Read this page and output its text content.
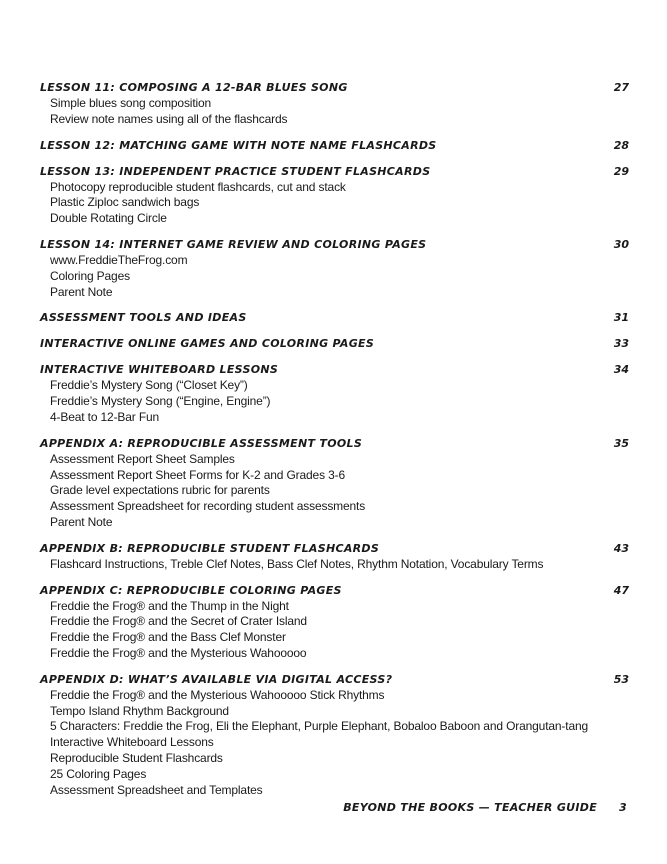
LESSON 11: COMPOSING A 12-BAR BLUES SONG	27
Simple blues song composition
Review note names using all of the flashcards
LESSON 12: MATCHING GAME WITH NOTE NAME FLASHCARDS	28
LESSON 13: INDEPENDENT PRACTICE STUDENT FLASHCARDS	29
Photocopy reproducible student flashcards, cut and stack
Plastic Ziploc sandwich bags
Double Rotating Circle
LESSON 14: INTERNET GAME REVIEW AND COLORING PAGES	30
www.FreddieTheFrog.com
Coloring Pages
Parent Note
ASSESSMENT TOOLS AND IDEAS	31
INTERACTIVE ONLINE GAMES AND COLORING PAGES	33
INTERACTIVE WHITEBOARD LESSONS	34
Freddie’s Mystery Song (“Closet Key”)
Freddie’s Mystery Song (“Engine, Engine”)
4-Beat to 12-Bar Fun
APPENDIX A: REPRODUCIBLE ASSESSMENT TOOLS	35
Assessment Report Sheet Samples
Assessment Report Sheet Forms for K-2 and Grades 3-6
Grade level expectations rubric for parents
Assessment Spreadsheet for recording student assessments
Parent Note
APPENDIX B: REPRODUCIBLE STUDENT FLASHCARDS	43
Flashcard Instructions, Treble Clef Notes, Bass Clef Notes, Rhythm Notation, Vocabulary Terms
APPENDIX C: REPRODUCIBLE COLORING PAGES	47
Freddie the Frog® and the Thump in the Night
Freddie the Frog® and the Secret of Crater Island
Freddie the Frog® and the Bass Clef Monster
Freddie the Frog® and the Mysterious Wahooooo
APPENDIX D: WHAT’S AVAILABLE VIA DIGITAL ACCESS?	53
Freddie the Frog® and the Mysterious Wahooooo Stick Rhythms
Tempo Island Rhythm Background
5 Characters: Freddie the Frog, Eli the Elephant, Purple Elephant, Bobaloo Baboon and Orangutan-tang
Interactive Whiteboard Lessons
Reproducible Student Flashcards
25 Coloring Pages
Assessment Spreadsheet and Templates
BEYOND THE BOOKS — TEACHER GUIDE 3
